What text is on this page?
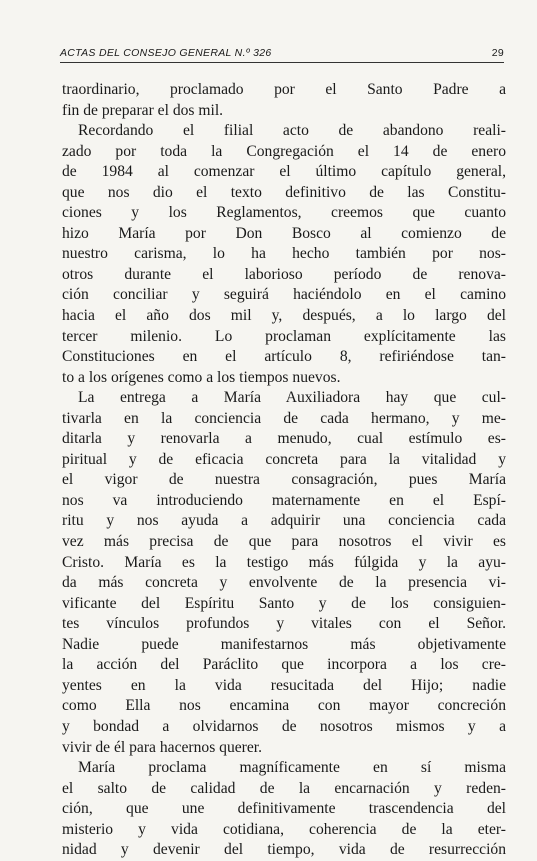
ACTAS DEL CONSEJO GENERAL N.º 326	29
traordinario, proclamado por el Santo Padre a
fin de preparar el dos mil.
Recordando el filial acto de abandono reali-
zado por toda la Congregación el 14 de enero
de 1984 al comenzar el último capítulo general,
que nos dio el texto definitivo de las Constitu-
ciones y los Reglamentos, creemos que cuanto
hizo María por Don Bosco al comienzo de
nuestro carisma, lo ha hecho también por nos-
otros durante el laborioso período de renova-
ción conciliar y seguirá haciéndolo en el camino
hacia el año dos mil y, después, a lo largo del
tercer milenio. Lo proclaman explícitamente las
Constituciones en el artículo 8, refiriéndose tan-
to a los orígenes como a los tiempos nuevos.
La entrega a María Auxiliadora hay que cul-
tivarla en la conciencia de cada hermano, y me-
ditarla y renovarla a menudo, cual estímulo es-
piritual y de eficacia concreta para la vitalidad y
el vigor de nuestra consagración, pues María
nos va introduciendo maternamente en el Espí-
ritu y nos ayuda a adquirir una conciencia cada
vez más precisa de que para nosotros el vivir es
Cristo. María es la testigo más fúlgida y la ayu-
da más concreta y envolvente de la presencia vi-
vificante del Espíritu Santo y de los consiguien-
tes vínculos profundos y vitales con el Señor.
Nadie puede manifestarnos más objetivamente
la acción del Paráclito que incorpora a los cre-
yentes en la vida resucitada del Hijo; nadie
como Ella nos encamina con mayor concreción
y bondad a olvidarnos de nosotros mismos y a
vivir de él para hacernos querer.
María proclama magníficamente en sí misma
el salto de calidad de la encarnación y reden-
ción, que une definitivamente trascendencia del
misterio y vida cotidiana, coherencia de la eter-
nidad y devenir del tiempo, vida de resurrección
